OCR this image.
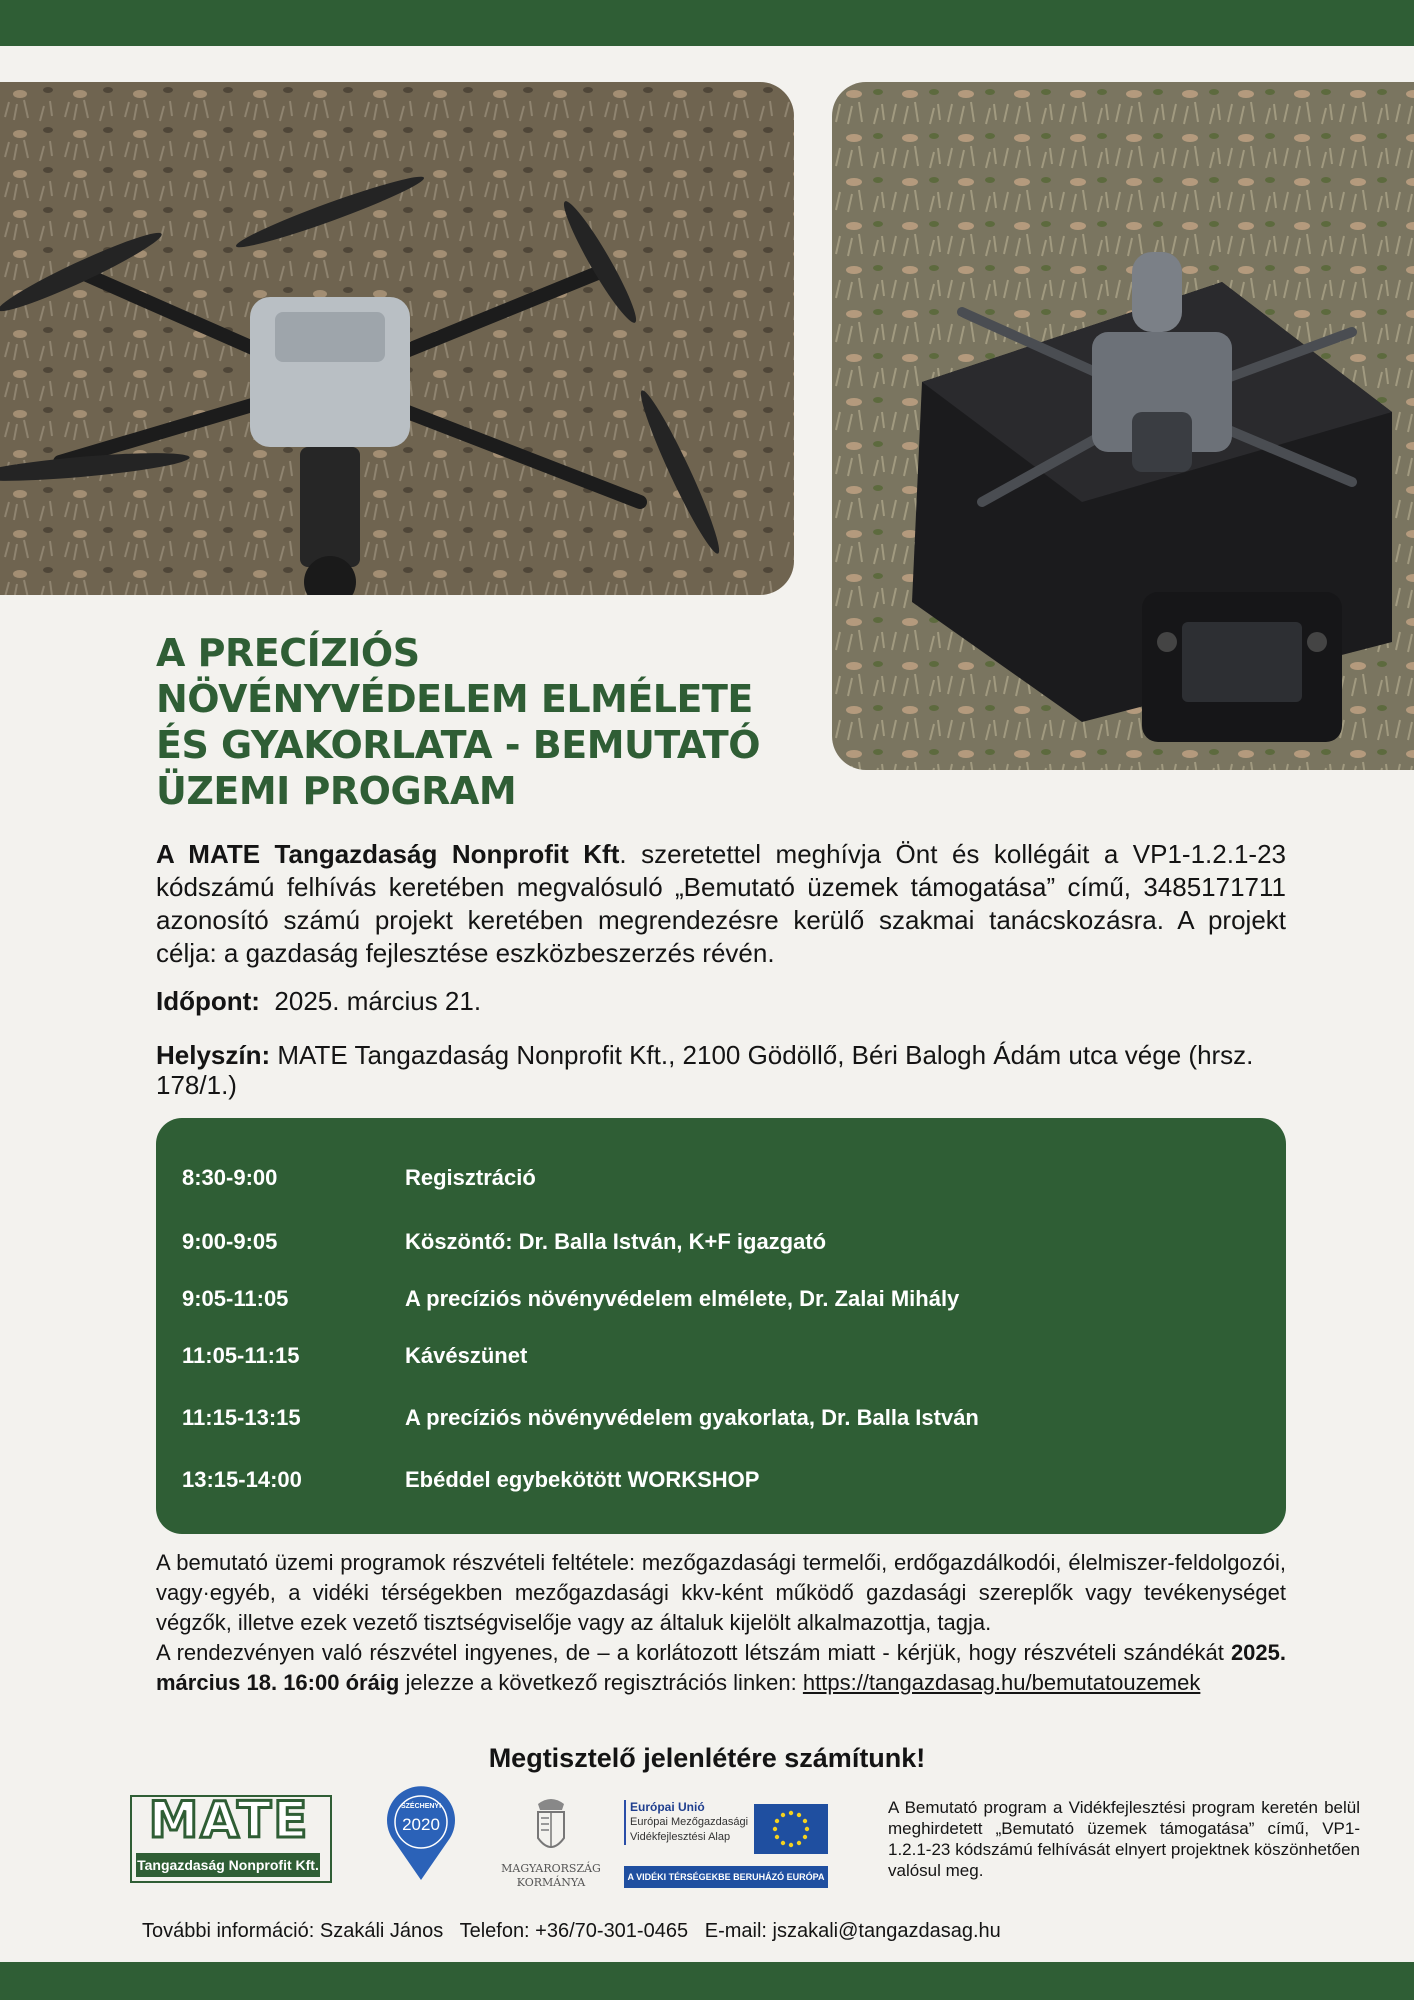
A PRECÍZIÓS
NÖVÉNYVÉDELEM ELMÉLETE
ÉS GYAKORLATA - BEMUTATÓ
ÜZEMI PROGRAM

A MATE Tangazdaság Nonprofit Kft. szeretettel meghívja Önt és kollégáit a VP1-1.2.1-23 kódszámú felhívás keretében megvalósuló „Bemutató üzemek támogatása” című, 3485171711 azonosító számú projekt keretében megrendezésre kerülő szakmai tanácskozásra. A projekt célja: a gazdaság fejlesztése eszközbeszerzés révén.

Időpont: 2025. március 21.

Helyszín: MATE Tangazdaság Nonprofit Kft., 2100 Gödöllő, Béri Balogh Ádám utca vége (hrsz. 178/1.)

8:30-9:00	Regisztráció
9:00-9:05	Köszöntő: Dr. Balla István, K+F igazgató
9:05-11:05	A precíziós növényvédelem elmélete, Dr. Zalai Mihály
11:05-11:15	Kávészünet
11:15-13:15	A precíziós növényvédelem gyakorlata, Dr. Balla István
13:15-14:00	Ebéddel egybekötött WORKSHOP

A bemutató üzemi programok részvételi feltétele: mezőgazdasági termelői, erdőgazdálkodói, élelmiszer-feldolgozói, vagy·egyéb, a vidéki térségekben mezőgazdasági kkv-ként működő gazdasági szereplők vagy tevékenységet végzők, illetve ezek vezető tisztségviselője vagy az általuk kijelölt alkalmazottja, tagja.

A rendezvényen való részvétel ingyenes, de – a korlátozott létszám miatt - kérjük, hogy részvételi szándékát 2025. március 18. 16:00 óráig jelezze a következő regisztrációs linken: https://tangazdasag.hu/bemutatouzemek

Megtisztelő jelenlétére számítunk!
MATE
Tangazdaság Nonprofit Kft.
SZÉCHENYI
2020
MAGYARORSZÁG
KORMÁNYA
Európai Unió
Európai Mezőgazdasági
Vidékfejlesztési Alap
A VIDÉKI TÉRSÉGEKBE BERUHÁZÓ EURÓPA

A Bemutató program a Vidékfejlesztési program keretén belül meghirdetett „Bemutató üzemek támogatása” című, VP1-1.2.1-23 kódszámú felhívását elnyert projektnek köszönhetően valósul meg.

További információ: Szakáli János   Telefon: +36/70-301-0465   E-mail: jszakali@tangazdasag.hu
